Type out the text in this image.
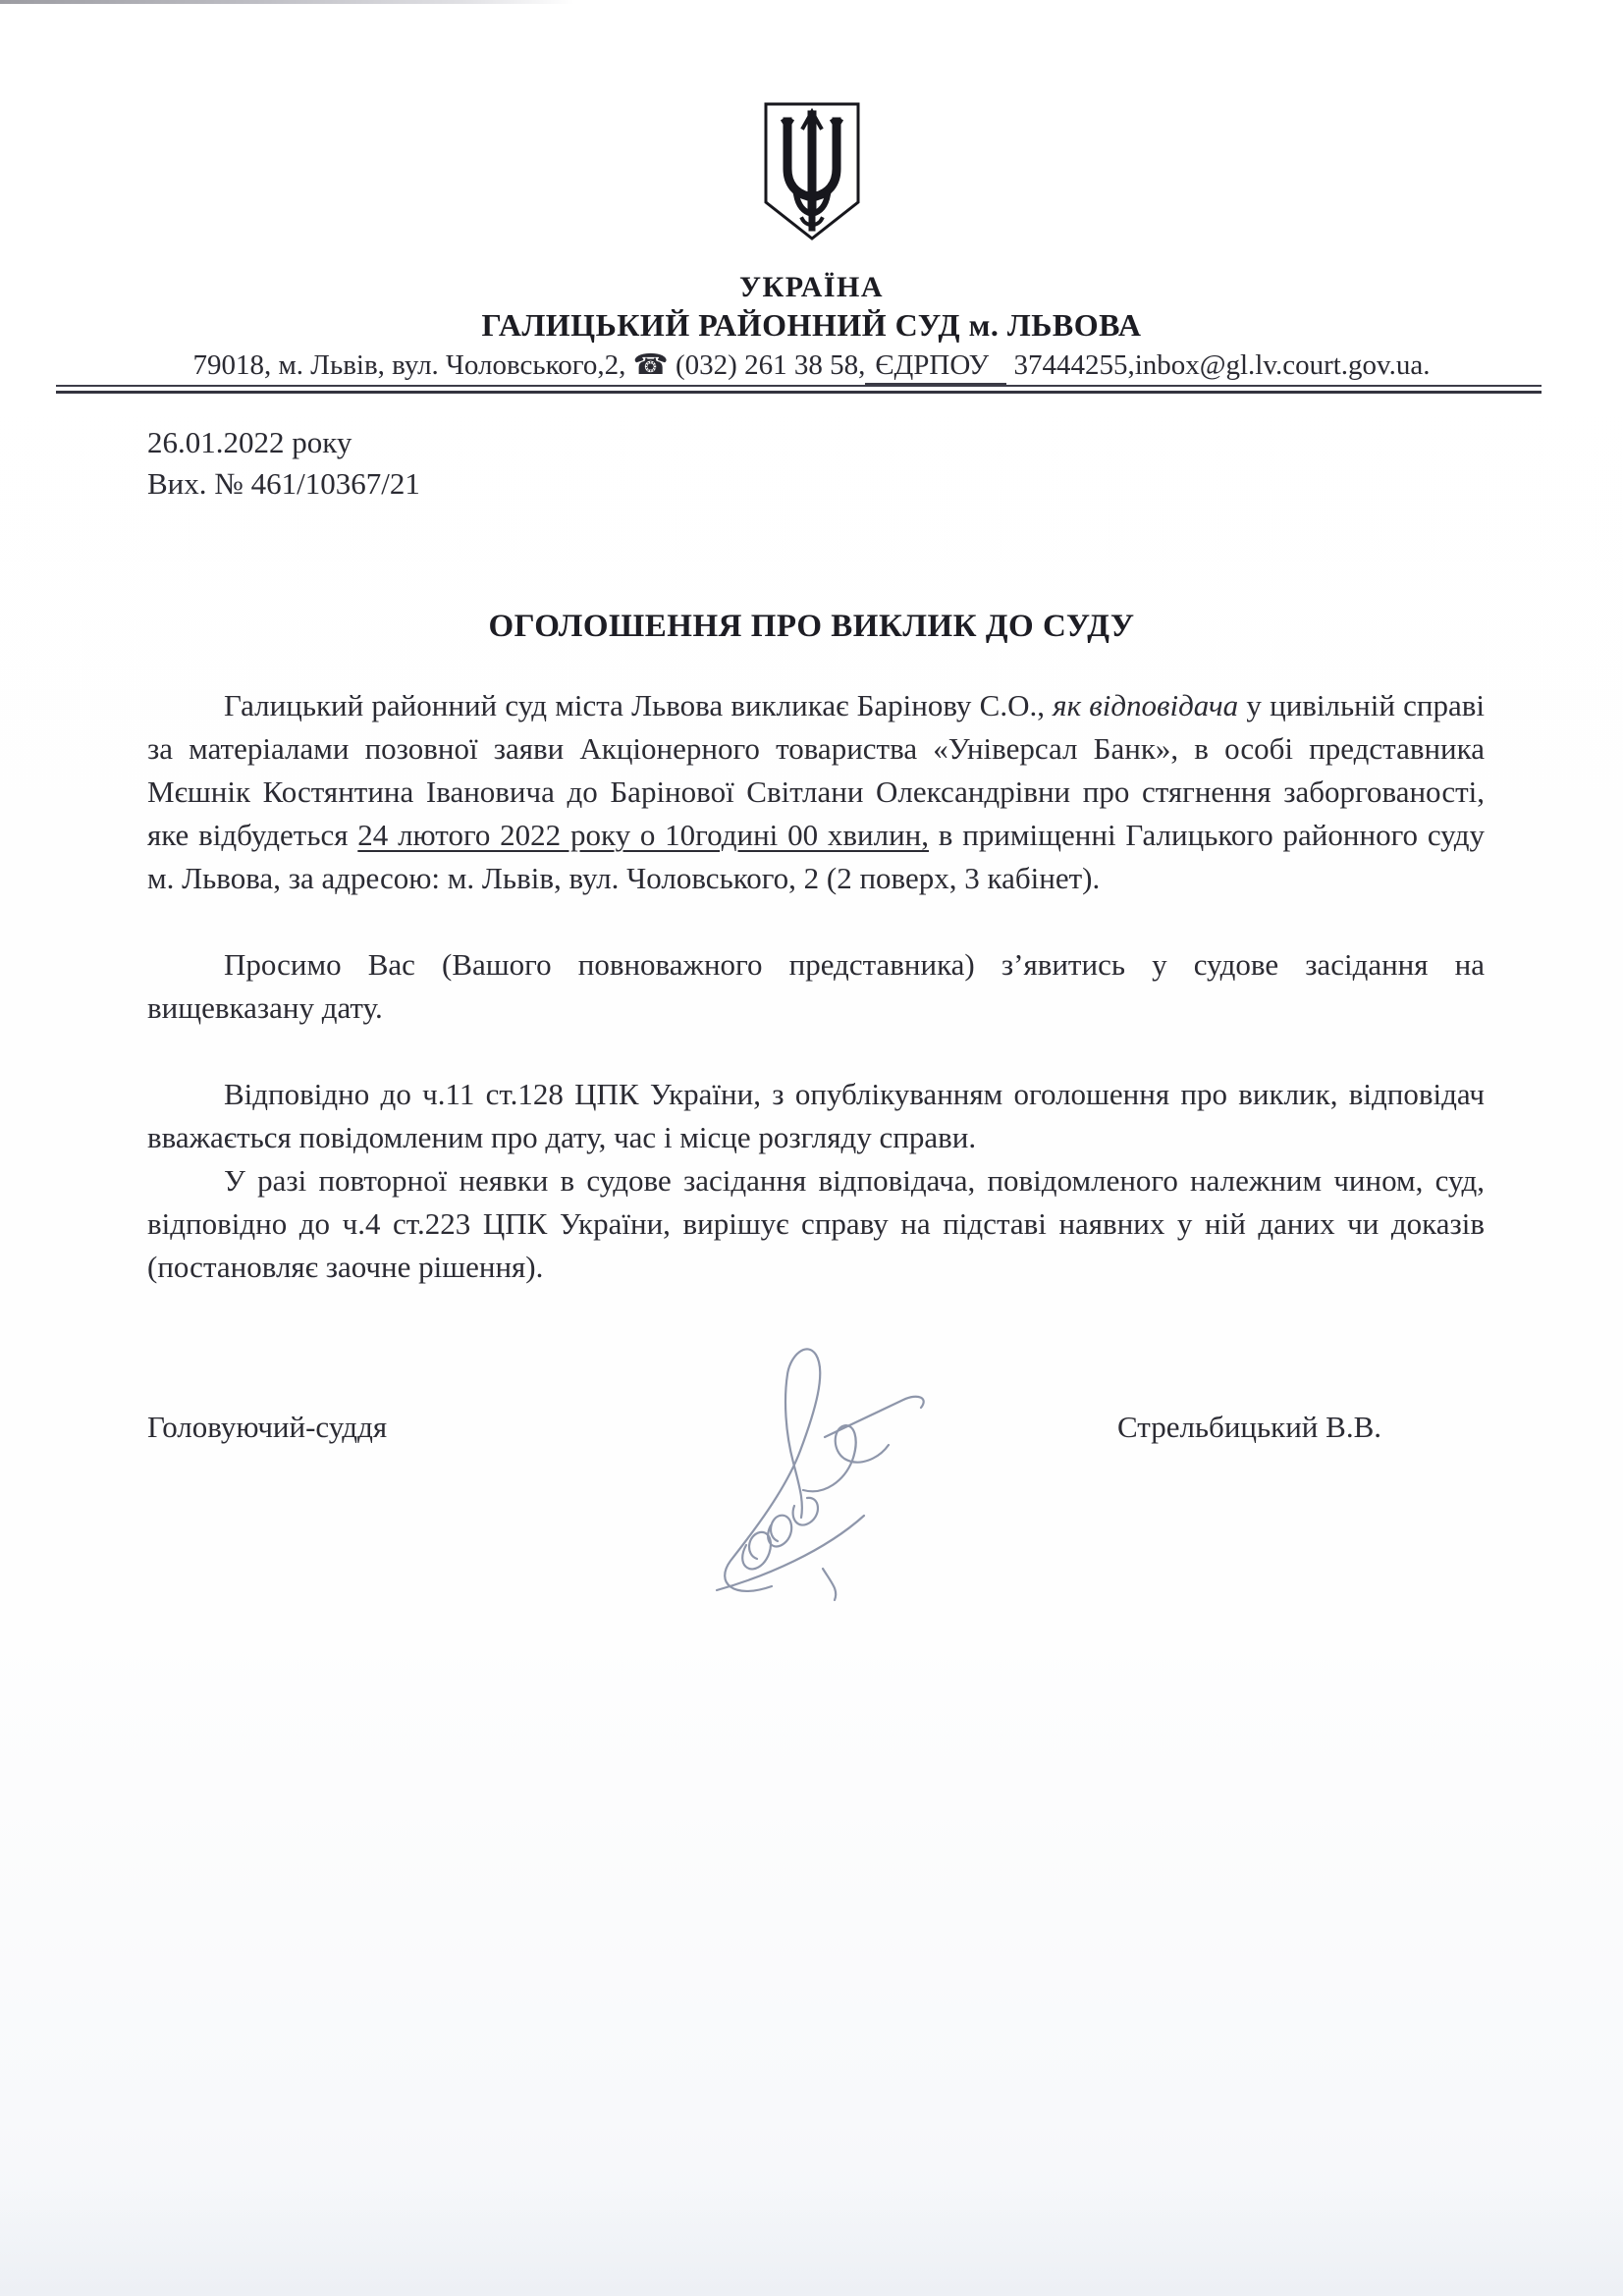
УКРАЇНА
ГАЛИЦЬКИЙ РАЙОННИЙ СУД м. ЛЬВОВА
79018, м. Львів, вул. Чоловського,2, ☎ (032) 261 38 58, ЄДРПОУ 37444255,inbox@gl.lv.court.gov.ua.
26.01.2022 року
Вих. № 461/10367/21
ОГОЛОШЕННЯ ПРО ВИКЛИК ДО СУДУ

Галицький районний суд міста Львова викликає Барінову С.О., як відповідача у цивільній справі за матеріалами позовної заяви Акціонерного товариства «Універсал Банк», в особі представника Мєшнік Костянтина Івановича до Барінової Світлани Олександрівни про стягнення заборгованості, яке відбудеться 24 лютого 2022 року о 10годині 00 хвилин, в приміщенні Галицького районного суду м. Львова, за адресою: м. Львів, вул. Чоловського, 2 (2 поверх, 3 кабінет).

Просимо Вас (Вашого повноважного представника) з’явитись у судове засідання на вищевказану дату.

Відповідно до ч.11 ст.128 ЦПК України, з опублікуванням оголошення про виклик, відповідач вважається повідомленим про дату, час і місце розгляду справи.

У разі повторної неявки в судове засідання відповідача, повідомленого належним чином, суд, відповідно до ч.4 ст.223 ЦПК України, вирішує справу на підставі наявних у ній даних чи доказів (постановляє заочне рішення).

Головуючий-суддя	Стрельбицький В.В.
